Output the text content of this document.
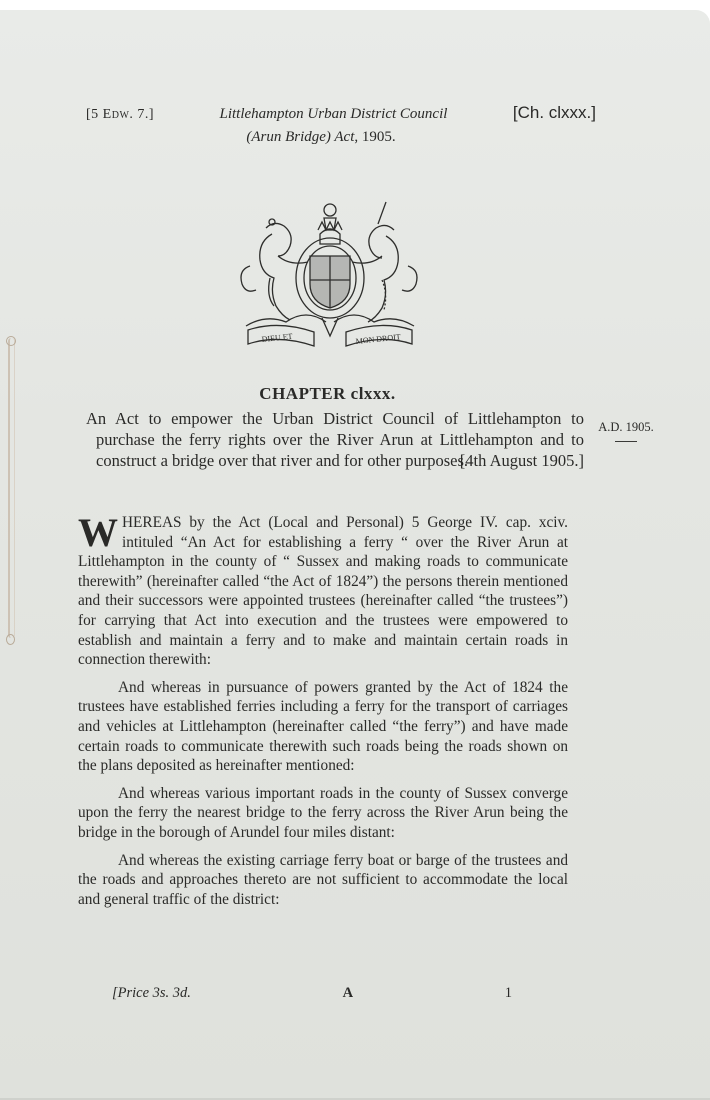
[5 Edw. 7.]	Littlehampton Urban District Council	[Ch. clxxx.]
(Arun Bridge) Act, 1905.
DIEU ET	MON DROIT
CHAPTER clxxx.
An Act to empower the Urban District Council of Littlehampton to purchase the ferry rights over the River Arun at Littlehampton and to construct a bridge over that river and for other purposes.
[4th August 1905.]
A.D. 1905.

WHEREAS by the Act (Local and Personal) 5 George IV. cap. xciv. intituled “An Act for establishing a ferry “ over the River Arun at Littlehampton in the county of “ Sussex and making roads to communicate therewith” (hereinafter called “the Act of 1824”) the persons therein mentioned and their successors were appointed trustees (hereinafter called “the trustees”) for carrying that Act into execution and the trustees were empowered to establish and maintain a ferry and to make and maintain certain roads in connection therewith:

And whereas in pursuance of powers granted by the Act of 1824 the trustees have established ferries including a ferry for the transport of carriages and vehicles at Littlehampton (hereinafter called “the ferry”) and have made certain roads to communicate therewith such roads being the roads shown on the plans deposited as hereinafter mentioned:

And whereas various important roads in the county of Sussex converge upon the ferry the nearest bridge to the ferry across the River Arun being the bridge in the borough of Arundel four miles distant:

And whereas the existing carriage ferry boat or barge of the trustees and the roads and approaches thereto are not sufficient to accommodate the local and general traffic of the district:

[Price 3s. 3d.	A	1
